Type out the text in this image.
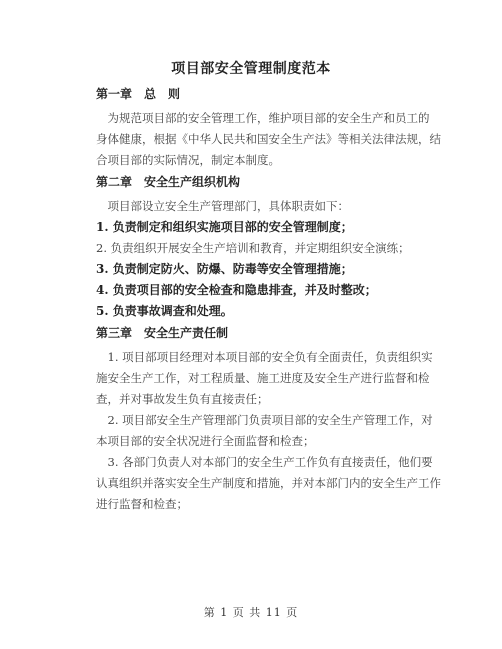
项目部安全管理制度范本
第一章　总　则
　为规范项目部的安全管理工作，维护项目部的安全生产和员工的
身体健康，根据《中华人民共和国安全生产法》等相关法律法规，结
合项目部的实际情况，制定本制度。
第二章　安全生产组织机构
　项目部设立安全生产管理部门，具体职责如下：
1. 负责制定和组织实施项目部的安全管理制度；
2. 负责组织开展安全生产培训和教育，并定期组织安全演练；
3. 负责制定防火、防爆、防毒等安全管理措施；
4. 负责项目部的安全检查和隐患排查，并及时整改；
5. 负责事故调查和处理。
第三章　安全生产责任制
　1. 项目部项目经理对本项目部的安全负有全面责任，负责组织实
施安全生产工作，对工程质量、施工进度及安全生产进行监督和检
查，并对事故发生负有直接责任；
　2. 项目部安全生产管理部门负责项目部的安全生产管理工作，对
本项目部的安全状况进行全面监督和检查；
　3. 各部门负责人对本部门的安全生产工作负有直接责任，他们要
认真组织并落实安全生产制度和措施，并对本部门内的安全生产工作
进行监督和检查；
第 1 页 共 11 页
